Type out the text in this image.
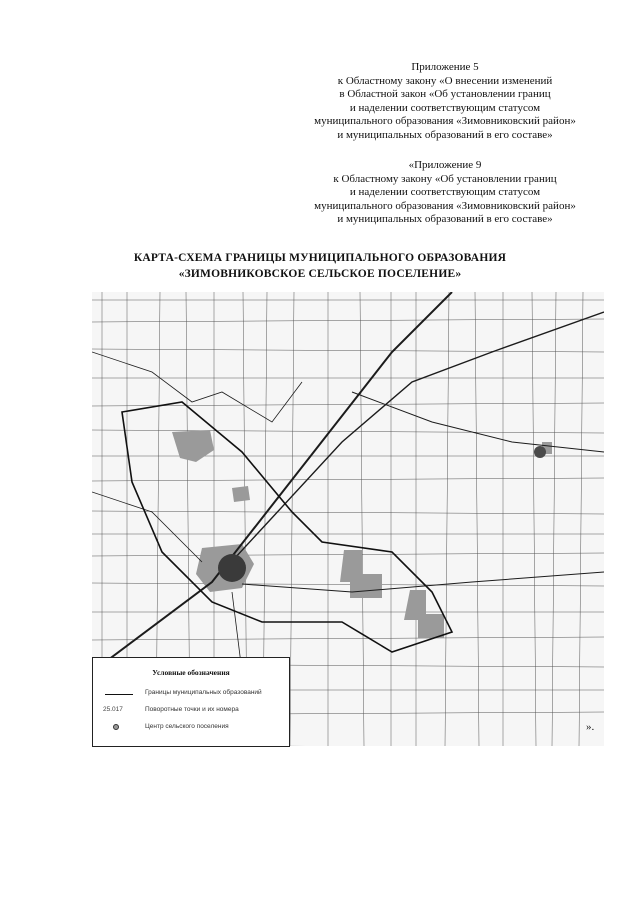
Приложение 5
к Областному закону «О внесении изменений
в Областной закон «Об установлении границ
и наделении соответствующим статусом
муниципального образования «Зимовниковский район»
и муниципальных образований в его составе»
«Приложение 9
к Областному закону «Об установлении границ
и наделении соответствующим статусом
муниципального образования «Зимовниковский район»
и муниципальных образований в его составе»
КАРТА-СХЕМА ГРАНИЦЫ МУНИЦИПАЛЬНОГО ОБРАЗОВАНИЯ
«ЗИМОВНИКОВСКОЕ СЕЛЬСКОЕ ПОСЕЛЕНИЕ»
Условные обозначения
Границы муниципальных образований
25.017	Поворотные точки и их номера
Центр сельского поселения	».
